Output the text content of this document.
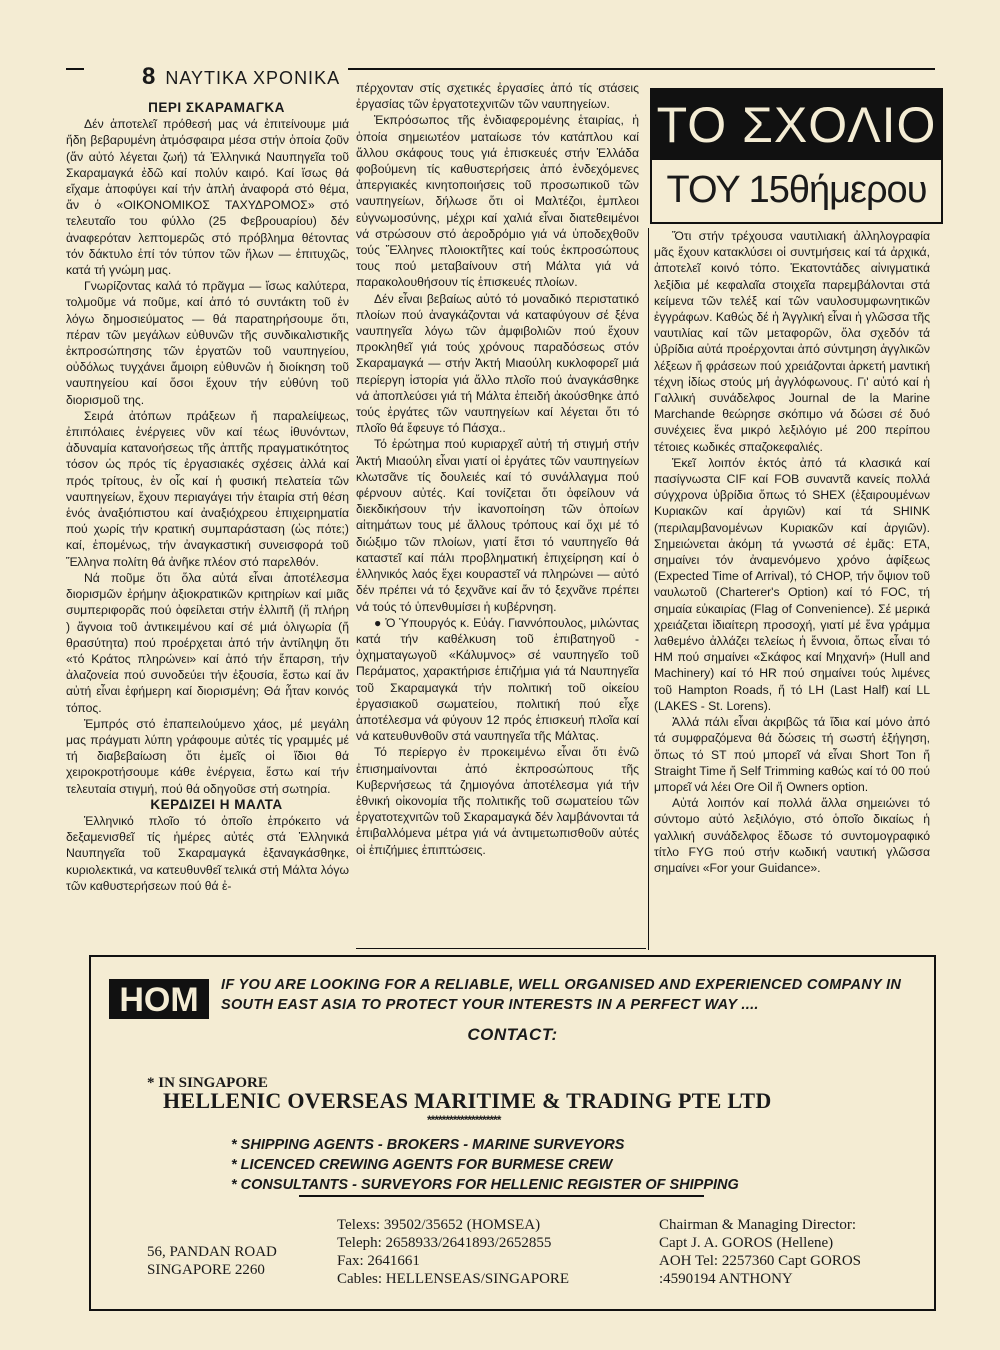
8 ΝΑΥΤΙΚΑ ΧΡΟΝΙΚΑ

ΠΕΡΙ ΣΚΑΡΑΜΑΓΚΑ

Δέν ἀποτελεῖ πρόθεσή μας νά ἐπιτείνουμε μιά ἤδη βεβαρυμένη ἀτμόσφαιρα μέσα στήν ὁποία ζοῦν (ἄν αὐτό λέγεται ζωή) τά Ἑλληνικά Ναυπηγεῖα τοῦ Σκαραμαγκά ἐδῶ καί πολύν καιρό. Καί ἴσως θά εἴχαμε ἀποφύγει καί τήν ἁπλή ἀναφορά στό θέμα, ἄν ὁ «ΟΙΚΟΝΟΜΙΚΟΣ ΤΑΧΥΔΡΟΜΟΣ» στό τελευταῖο του φύλλο (25 Φεβρουαρίου) δέν ἀναφερόταν λεπτομερῶς στό πρόβλημα θέτοντας τόν δάκτυλο ἐπί τόν τύπον τῶν ἥλων — ἐπιτυχῶς, κατά τή γνώμη μας.

Γνωρίζοντας καλά τό πρᾶγμα — ἴσως καλύτερα, τολμοῦμε νά ποῦμε, καί ἀπό τό συντάκτη τοῦ ἐν λόγω δημοσιεύματος — θά παρατηρήσουμε ὅτι, πέραν τῶν μεγάλων εὐθυνῶν τῆς συνδικαλιστικῆς ἐκπροσώπησης τῶν ἐργατῶν τοῦ ναυπηγείου, οὐδόλως τυγχάνει ἄμοιρη εὐθυνῶν ἡ διοίκηση τοῦ ναυπηγείου καί ὅσοι ἔχουν τήν εὐθύνη τοῦ διορισμοῦ της.

Σειρά ἀτόπων πράξεων ἤ παραλείψεως, ἐπιπόλαιες ἐνέργειες νῦν καί τέως ἰθυνόντων, ἀδυναμία κατανοήσεως τῆς ἀπτῆς πραγματικότητος τόσον ὡς πρός τίς ἐργασιακές σχέσεις ἀλλά καί πρός τρίτους, ἐν οἷς καί ἡ φυσική πελατεία τῶν ναυπηγείων, ἔχουν περιαγάγει τήν ἑταιρία στή θέση ἑνός ἀναξιόπιστου καί ἀναξιόχρεου ἐπιχειρηματία πού χωρίς τήν κρατική συμπαράσταση (ὡς πότε;) καί, ἑπομένως, τήν ἀναγκαστική συνεισφορά τοῦ Ἕλληνα πολίτη θά ἀνῆκε πλέον στό παρελθόν.

Νά ποῦμε ὅτι ὅλα αὐτά εἶναι ἀποτέλεσμα διορισμῶν ἐρήμην ἀξιοκρατικῶν κριτηρίων καί μιᾶς συμπεριφορᾶς πού ὀφείλεται στήν ἐλλιπῆ (ἤ πλήρη ) ἄγνοια τοῦ ἀντικειμένου καί σέ μιά ὀλιγωρία (ἤ θρασύτητα) πού προέρχεται ἀπό τήν ἀντίληψη ὅτι «τό Κράτος πληρώνει» καί ἀπό τήν ἔπαρση, τήν ἀλαζονεία πού συνοδεύει τήν ἐξουσία, ἔστω καί ἄν αὐτή εἶναι ἐφήμερη καί διορισμένη; Θά ἦταν κοινός τόπος.

Ἐμπρός στό ἐπαπειλούμενο χάος, μέ μεγάλη μας πράγματι λύπη γράφουμε αὐτές τίς γραμμές μέ τή διαβεβαίωση ὅτι ἐμεῖς οἱ ἴδιοι θά χειροκροτήσουμε κάθε ἐνέργεια, ἔστω καί τήν τελευταία στιγμή, πού θά οδηγοῦσε στή σωτηρία.

ΚΕΡΔΙΖΕΙ Η ΜΑΛΤΑ

Ἑλληνικό πλοῖο τό ὁποῖο ἐπρόκειτο νά δεξαμενισθεῖ τίς ἡμέρες αὐτές στά Ἑλληνικά Ναυπηγεῖα τοῦ Σκαραμαγκά ἐξαναγκάσθηκε, κυριολεκτικά, να κατευθυνθεῖ τελικά στή Μάλτα λόγω τῶν καθυστερήσεων πού θά ἐ-

πέρχονταν στίς σχετικές ἐργασίες ἀπό τίς στάσεις ἐργασίας τῶν ἐργατοτεχνιτῶν τῶν ναυπηγείων.

Ἐκπρόσωπος τῆς ἐνδιαφερομένης ἑταιρίας, ἡ ὁποία σημειωτέον ματαίωσε τόν κατάπλου καί ἄλλου σκάφους τους γιά ἐπισκευές στήν Ἑλλάδα φοβούμενη τίς καθυστερήσεις ἀπό ἐνδεχόμενες ἀπεργιακές κινητοποιήσεις τοῦ προσωπικοῦ τῶν ναυπηγείων, δήλωσε ὅτι οἱ Μαλτέζοι, ἐμπλεοι εὐγνωμοσύνης, μέχρι καί χαλιά εἶναι διατεθειμένοι νά στρώσουν στό ἀεροδρόμιο γιά νά ὑποδεχθοῦν τούς Ἕλληνες πλοιοκτῆτες καί τούς ἐκπροσώπους τους πού μεταβαίνουν στή Μάλτα γιά νά παρακολουθήσουν τίς ἐπισκευές πλοίων.

Δέν εἶναι βεβαίως αὐτό τό μοναδικό περιστατικό πλοίων πού ἀναγκάζονται νά καταφύγουν σέ ξένα ναυπηγεῖα λόγω τῶν ἀμφιβολιῶν πού ἔχουν προκληθεῖ γιά τούς χρόνους παραδόσεως στόν Σκαραμαγκά — στήν Ἀκτή Μιαούλη κυκλοφορεῖ μιά περίεργη ἱστορία γιά ἄλλο πλοῖο πού ἀναγκάσθηκε νά ἀποπλεύσει γιά τή Μάλτα ἐπειδή ἀκούσθηκε ἀπό τούς ἐργάτες τῶν ναυπηγείων καί λέγεται ὅτι τό πλοῖο θά ἔφευγε τό Πάσχα..

Τό ἐρώτημα πού κυριαρχεῖ αὐτή τή στιγμή στήν Ἀκτή Μιαούλη εἶναι γιατί οἱ ἐργάτες τῶν ναυπηγείων κλωτσᾶνε τίς δουλειές καί τό συνάλλαγμα πού φέρνουν αὐτές. Καί τονίζεται ὅτι ὀφείλουν νά διεκδικήσουν τήν ἰκανοποίηση τῶν ὁποίων αἰτημάτων τους μέ ἄλλους τρόπους καί ὄχι μέ τό διώξιμο τῶν πλοίων, γιατί ἔτσι τό ναυπηγεῖο θά καταστεῖ καί πάλι προβληματική ἐπιχείρηση καί ὁ ἑλληνικός λαός ἔχει κουραστεῖ νά πληρώνει — αὐτό δέν πρέπει νά τό ξεχνᾶνε καί ἄν τό ξεχνᾶνε πρέπει νά τούς τό ὑπενθυμίσει ἡ κυβέρνηση.

● Ὁ Ὑπουργός κ. Εὐάγ. Γιαννόπουλος, μιλώντας κατά τήν καθέλκυση τοῦ ἐπιβατηγοῦ - ὀχηματαγωγοῦ «Κάλυμνος» σέ ναυπηγεῖο τοῦ Περάματος, χαρακτήρισε ἐπιζήμια γιά τά Ναυπηγεῖα τοῦ Σκαραμαγκά τήν πολιτική τοῦ οἰκείου ἐργασιακοῦ σωματείου, πολιτική πού εἶχε ἀποτέλεσμα νά φύγουν 12 πρός ἐπισκευή πλοῖα καί νά κατευθυνθοῦν στά ναυπηγεῖα τῆς Μάλτας.

Τό περίεργο ἐν προκειμένω εἶναι ὅτι ἐνῶ ἐπισημαίνονται ἀπό ἐκπροσώπους τῆς Κυβερνήσεως τά ζημιογόνα ἀποτέλεσμα γιά τήν ἐθνική οἰκονομία τῆς πολιτικῆς τοῦ σωματείου τῶν ἐργατοτεχνιτῶν τοῦ Σκαραμαγκά δέν λαμβάνονται τά ἐπιβαλλόμενα μέτρα γιά νά ἀντιμετωπισθοῦν αὐτές οἱ ἐπιζήμιες ἐπιπτώσεις.

ΤΟ ΣΧΟΛΙΟ
ΤΟΥ 15θήμερου

Ὅτι στήν τρέχουσα ναυτιλιακή ἀλληλογραφία μᾶς ἔχουν κατακλύσει οἱ συντμήσεις καί τά ἀρχικά, ἀποτελεῖ κοινό τόπο. Ἑκατοντάδες αἰνιγματικά λεξίδια μέ κεφαλαῖα στοιχεῖα παρεμβάλονται στά κείμενα τῶν τελέξ καί τῶν ναυλοσυμφωνητικῶν ἐγγράφων. Καθώς δέ ἡ Ἀγγλική εἶναι ἡ γλῶσσα τῆς ναυτιλίας καί τῶν μεταφορῶν, ὅλα σχεδόν τά ὑβρίδια αὐτά προέρχονται ἀπό σύντμηση ἀγγλικῶν λέξεων ἤ φράσεων πού χρειάζονται ἀρκετή μαντική τέχνη ἰδίως στούς μή ἀγγλόφωνους. Γι' αὐτό καί ἡ Γαλλική συνάδελφος Journal de la Marine Marchande θεώρησε σκόπιμο νά δώσει σέ δυό συνέχειες ἕνα μικρό λεξιλόγιο μέ 200 περίπου τέτοιες κωδικές σπαζοκεφαλιές.

Ἐκεῖ λοιπόν ἐκτός ἀπό τά κλασικά καί πασίγνωστα CIF καί FOB συναντᾶ κανείς πολλά σύγχρονα ὑβρίδια ὅπως τό SHEX (ἐξαιρουμένων Κυριακῶν καί ἀργιῶν) καί τά SHINK (περιλαμβανομένων Κυριακῶν καί ἀργιῶν). Σημειώνεται ἀκόμη τά γνωστά σέ ἐμᾶς: ETA, σημαίνει τόν ἀναμενόμενο χρόνο ἀφίξεως (Expected Time of Arrival), τό CHOP, τήν ὄψιον τοῦ ναυλωτοῦ (Charterer's Option) καί τό FOC, τή σημαία εὐκαιρίας (Flag of Convenience). Σέ μερικά χρειάζεται ἰδιαίτερη προσοχή, γιατί μέ ἕνα γράμμα λαθεμένο ἀλλάζει τελείως ἡ ἔννοια, ὅπως εἶναι τό HM πού σημαίνει «Σκάφος καί Μηχανή» (Hull and Machinery) καί τό HR πού σημαίνει τούς λιμένες τοῦ Hampton Roads, ἤ τό LH (Last Half) καί LL (LAKES - St. Lorens).

Ἀλλά πάλι εἶναι ἀκριβῶς τά ἴδια καί μόνο ἀπό τά συμφραζόμενα θά δώσεις τή σωστή ἐξήγηση, ὅπως τό ST πού μπορεῖ νά εἶναι Short Ton ἤ Straight Time ἤ Self Trimming καθώς καί τό 00 πού μπορεῖ νά λέει Ore Oil ἤ Owners option.

Αὐτά λοιπόν καί πολλά ἄλλα σημειώνει τό σύντομο αὐτό λεξιλόγιο, στό ὁποῖο δικαίως ἡ γαλλική συνάδελφος ἔδωσε τό συντομογραφικό τίτλο FYG πού στήν κωδική ναυτική γλῶσσα σημαίνει «For your Guidance».

HOM IF YOU ARE LOOKING FOR A RELIABLE, WELL ORGANISED AND EXPERIENCED COMPANY IN SOUTH EAST ASIA TO PROTECT YOUR INTERESTS IN A PERFECT WAY ....
CONTACT:
* IN SINGAPORE
HELLENIC OVERSEAS MARITIME & TRADING PTE LTD
********************
* SHIPPING AGENTS - BROKERS - MARINE SURVEYORS
* LICENCED CREWING AGENTS FOR BURMESE CREW
* CONSULTANTS - SURVEYORS FOR HELLENIC REGISTER OF SHIPPING
56, PANDAN ROAD
SINGAPORE 2260
Telexs: 39502/35652 (HOMSEA)
Teleph: 2658933/2641893/2652855
Fax: 2641661
Cables: HELLENSEAS/SINGAPORE
Chairman & Managing Director:
Capt J. A. GOROS (Hellene)
AOH Tel: 2257360 Capt GOROS
:4590194 ANTHONY
